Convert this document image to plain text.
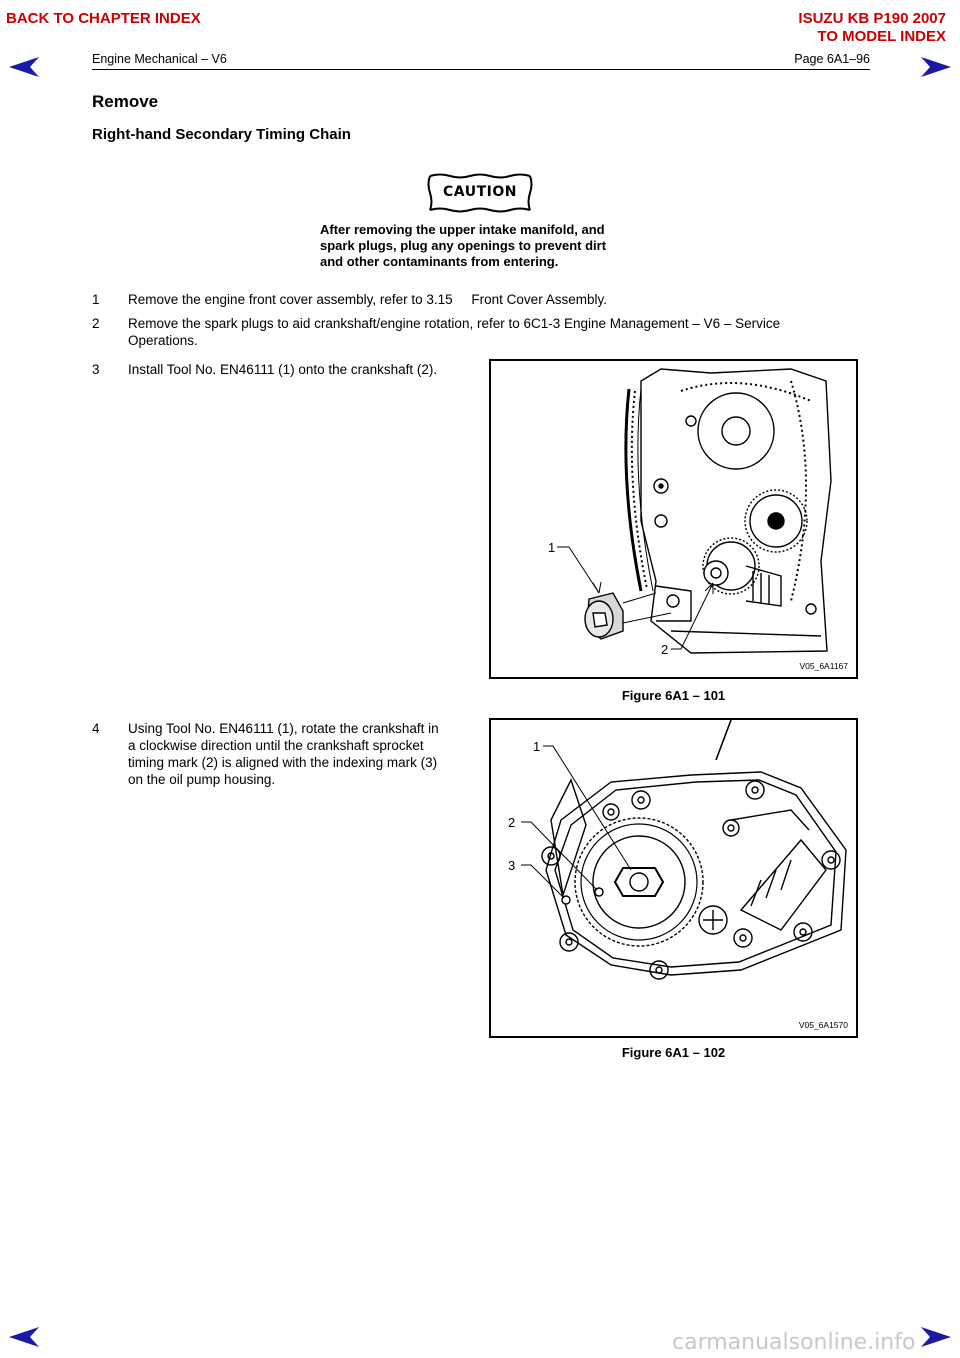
BACK TO CHAPTER INDEX	ISUZU KB P190 2007
TO MODEL INDEX
Engine Mechanical – V6	Page 6A1–96
Remove
Right-hand Secondary Timing Chain
CAUTION
After removing the upper intake manifold, and
spark plugs, plug any openings to prevent dirt
and other contaminants from entering.
1 Remove the engine front cover assembly, refer to 3.15     Front Cover Assembly.
2 Remove the spark plugs to aid crankshaft/engine rotation, refer to 6C1-3 Engine Management – V6 – Service
Operations.
3 Install Tool No. EN46111 (1) onto the crankshaft (2).
4 Using Tool No. EN46111 (1), rotate the crankshaft in
a clockwise direction until the crankshaft sprocket
timing mark (2) is aligned with the indexing mark (3)
on the oil pump housing.
1
2
V05_6A1167
Figure 6A1 – 101
1
2
3
V05_6A1570
Figure 6A1 – 102
carmanualsonline.info
